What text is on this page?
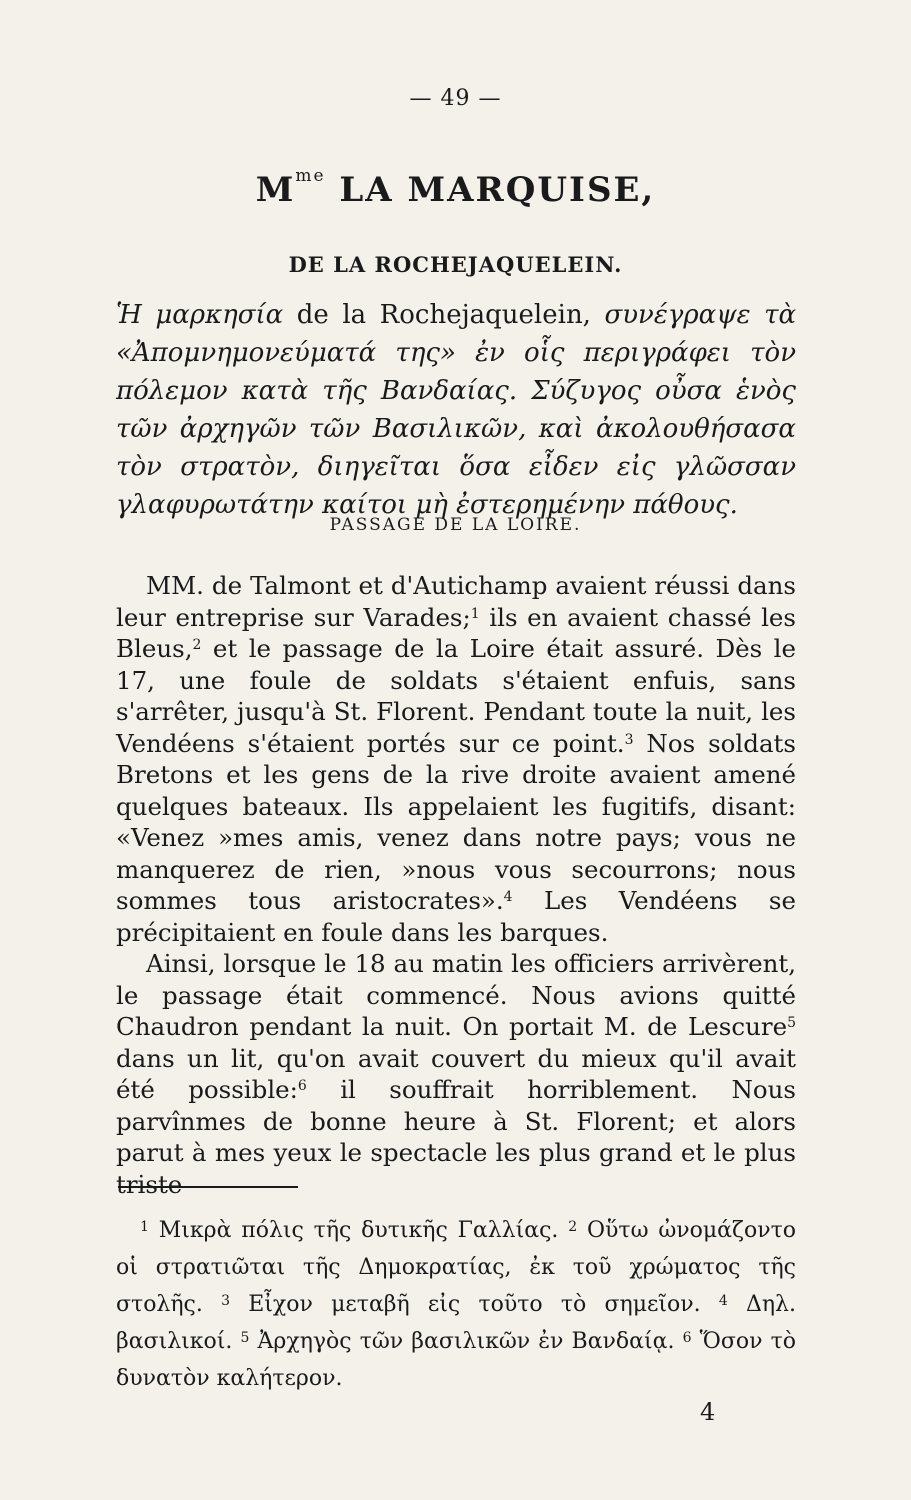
— 49 —
$M^{me}$ LA MARQUISE,
DE LA ROCHEJAQUELEIN.
Ἡ μαρκησία de la Rochejaquelein, συνέγραψε τὰ «Ἀπομνημονεύματά της» ἐν οἷς περιγράφει τὸν πόλεμον κατὰ τῆς Βανδαίας. Σύζυγος οὖσα ἑνὸς τῶν ἀρχηγῶν τῶν Βασιλικῶν, καὶ ἀκολουθήσασα τὸν στρατὸν, διηγεῖται ὅσα εἶδεν εἰς γλῶσσαν γλαφυρωτάτην καίτοι μὴ ἐστερημένην πάθους.
PASSAGE DE LA LOIRE.

MM. de Talmont et d'Autichamp avaient réussi dans leur entreprise sur Varades;$^1$ ils en avaient chassé les Bleus,$^2$ et le passage de la Loire était assuré. Dès le 17, une foule de soldats s'étaient enfuis, sans s'arrêter, jusqu'à St. Florent. Pendant toute la nuit, les Vendéens s'étaient portés sur ce point.$^3$ Nos soldats Bretons et les gens de la rive droite avaient amené quelques bateaux. Ils appelaient les fugitifs, disant: «Venez »mes amis, venez dans notre pays; vous ne manquerez de rien, »nous vous secourrons; nous sommes tous aristocrates».$^4$ Les Vendéens se précipitaient en foule dans les barques.

Ainsi, lorsque le 18 au matin les officiers arrivèrent, le passage était commencé. Nous avions quitté Chaudron pendant la nuit. On portait M. de Lescure$^5$ dans un lit, qu'on avait couvert du mieux qu'il avait été possible:$^6$ il souffrait horriblement. Nous parvînmes de bonne heure à St. Florent; et alors parut à mes yeux le spectacle les plus grand et le plus triste

$^1$ Μικρὰ πόλις τῆς δυτικῆς Γαλλίας. $^2$ Οὕτω ὠνομάζοντο οἱ στρατιῶται τῆς Δημοκρατίας, ἐκ τοῦ χρώματος τῆς στολῆς. $^3$ Εἶχον μεταβῆ εἰς τοῦτο τὸ σημεῖον. $^4$ Δηλ. βασιλικοί. $^5$ Ἀρχηγὸς τῶν βασιλικῶν ἐν Βανδαίᾳ. $^6$ Ὅσον τὸ δυνατὸν καλήτερον.
4
